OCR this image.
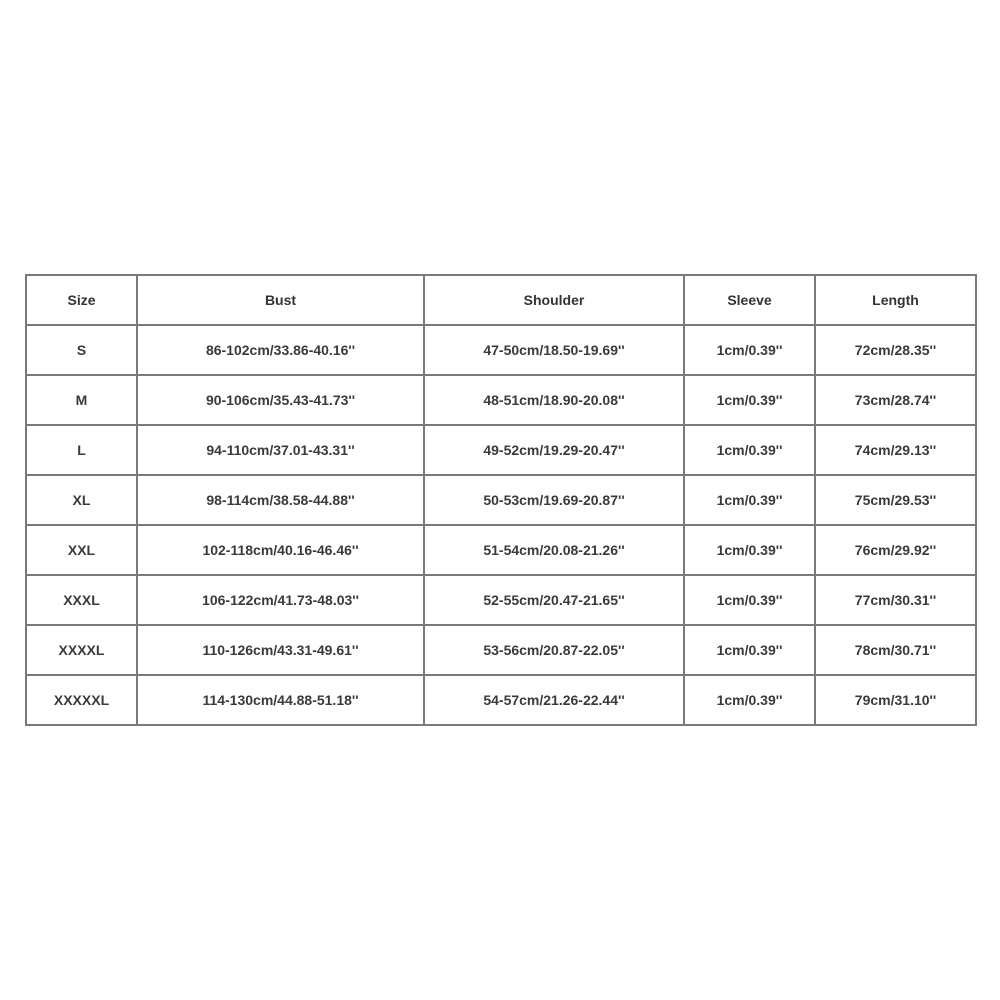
Size	Bust	Shoulder	Sleeve	Length
S	86-102cm/33.86-40.16''	47-50cm/18.50-19.69''	1cm/0.39''	72cm/28.35''
M	90-106cm/35.43-41.73''	48-51cm/18.90-20.08''	1cm/0.39''	73cm/28.74''
L	94-110cm/37.01-43.31''	49-52cm/19.29-20.47''	1cm/0.39''	74cm/29.13''
XL	98-114cm/38.58-44.88''	50-53cm/19.69-20.87''	1cm/0.39''	75cm/29.53''
XXL	102-118cm/40.16-46.46''	51-54cm/20.08-21.26''	1cm/0.39''	76cm/29.92''
XXXL	106-122cm/41.73-48.03''	52-55cm/20.47-21.65''	1cm/0.39''	77cm/30.31''
XXXXL	110-126cm/43.31-49.61''	53-56cm/20.87-22.05''	1cm/0.39''	78cm/30.71''
XXXXXL	114-130cm/44.88-51.18''	54-57cm/21.26-22.44''	1cm/0.39''	79cm/31.10''
